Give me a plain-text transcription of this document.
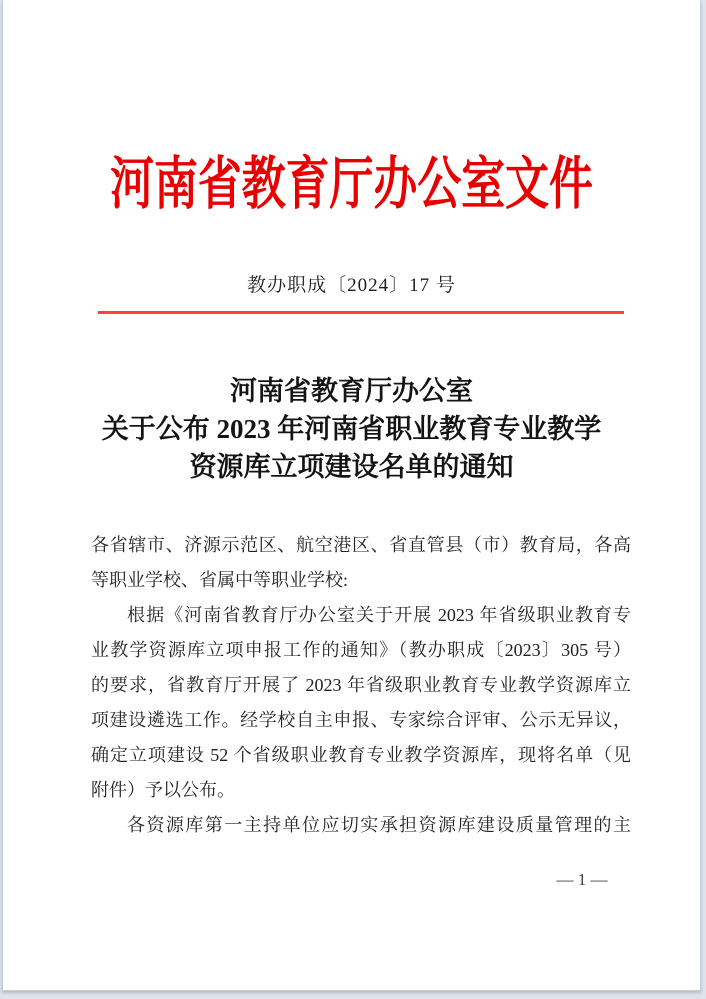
河南省教育厅办公室文件
教办职成〔2024〕17 号
河南省教育厅办公室
关于公布 2023 年河南省职业教育专业教学
资源库立项建设名单的通知
各省辖市、济源示范区、航空港区、省直管县（市）教育局，各高
等职业学校、省属中等职业学校:
根据《河南省教育厅办公室关于开展 2023 年省级职业教育专
业教学资源库立项申报工作的通知》（教办职成〔2023〕305 号）
的要求，省教育厅开展了 2023 年省级职业教育专业教学资源库立
项建设遴选工作。经学校自主申报、专家综合评审、公示无异议，
确定立项建设 52 个省级职业教育专业教学资源库，现将名单（见
附件）予以公布。
各资源库第一主持单位应切实承担资源库建设质量管理的主
— 1 —
